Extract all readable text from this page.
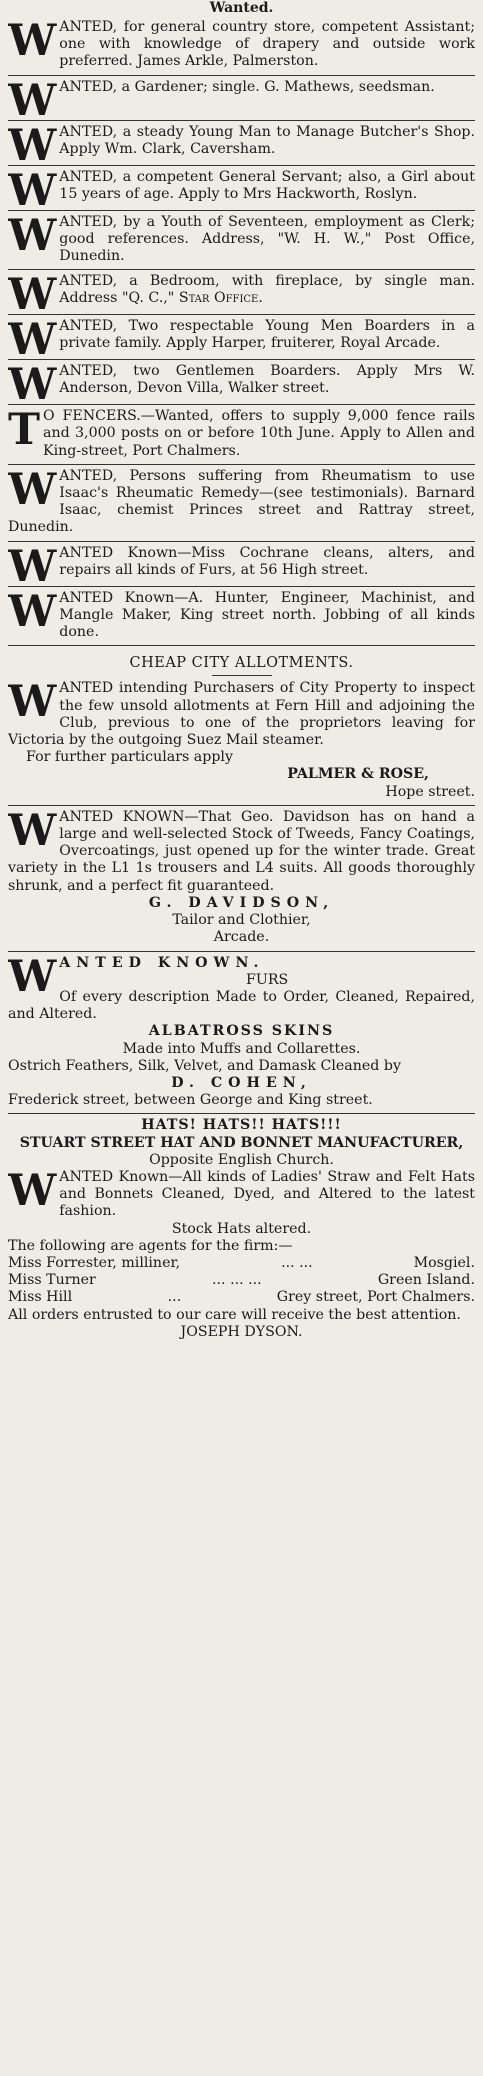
Wanted.

WANTED, for general country store, competent Assistant; one with knowledge of drapery and outside work preferred. James Arkle, Palmerston.

WANTED, a Gardener; single. G. Mathews, seedsman.

WANTED, a steady Young Man to Manage Butcher's Shop. Apply Wm. Clark, Caversham.

WANTED, a competent General Servant; also, a Girl about 15 years of age. Apply to Mrs Hackworth, Roslyn.

WANTED, by a Youth of Seventeen, employment as Clerk; good references. Address, "W. H. W.," Post Office, Dunedin.

WANTED, a Bedroom, with fireplace, by single man. Address "Q. C.," Star Office.

WANTED, Two respectable Young Men Boarders in a private family. Apply Harper, fruiterer, Royal Arcade.

WANTED, two Gentlemen Boarders. Apply Mrs W. Anderson, Devon Villa, Walker street.

T O FENCERS.—Wanted, offers to supply 9,000 fence rails and 3,000 posts on or before 10th June. Apply to Allen and King-street, Port Chalmers.

WANTED, Persons suffering from Rheumatism to use Isaac's Rheumatic Remedy—(see testimonials). Barnard Isaac, chemist Princes street and Rattray street, Dunedin.

WANTED Known—Miss Cochrane cleans, alters, and repairs all kinds of Furs, at 56 High street.

WANTED Known—A. Hunter, Engineer, Machinist, and Mangle Maker, King street north. Jobbing of all kinds done.

CHEAP CITY ALLOTMENTS.

WANTED intending Purchasers of City Property to inspect the few unsold allotments at Fern Hill and adjoining the Club, previous to one of the proprietors leaving for Victoria by the outgoing Suez Mail steamer.

For further particulars apply

PALMER & ROSE,

Hope street.

WANTED KNOWN—That Geo. Davidson has on hand a large and well-selected Stock of Tweeds, Fancy Coatings, Overcoatings, just opened up for the winter trade. Great variety in the L1 1s trousers and L4 suits. All goods thoroughly shrunk, and a perfect fit guaranteed.

G. DAVIDSON,

Tailor and Clothier,

Arcade.

WANTED KNOWN.

FURS

Of every description Made to Order, Cleaned, Repaired, and Altered.

ALBATROSS SKINS

Made into Muffs and Collarettes.

Ostrich Feathers, Silk, Velvet, and Damask Cleaned by

D. COHEN,

Frederick street, between George and King street.

HATS! HATS!! HATS!!!

STUART STREET HAT AND BONNET MANUFACTURER,

Opposite English Church.

WANTED Known—All kinds of Ladies' Straw and Felt Hats and Bonnets Cleaned, Dyed, and Altered to the latest fashion.

Stock Hats altered.

The following are agents for the firm:—

Miss Forrester, milliner,	... ...	Mosgiel.
Miss Turner	... ... ...	Green Island.
Miss Hill	...	Grey street, Port Chalmers.

All orders entrusted to our care will receive the best attention.

JOSEPH DYSON.
